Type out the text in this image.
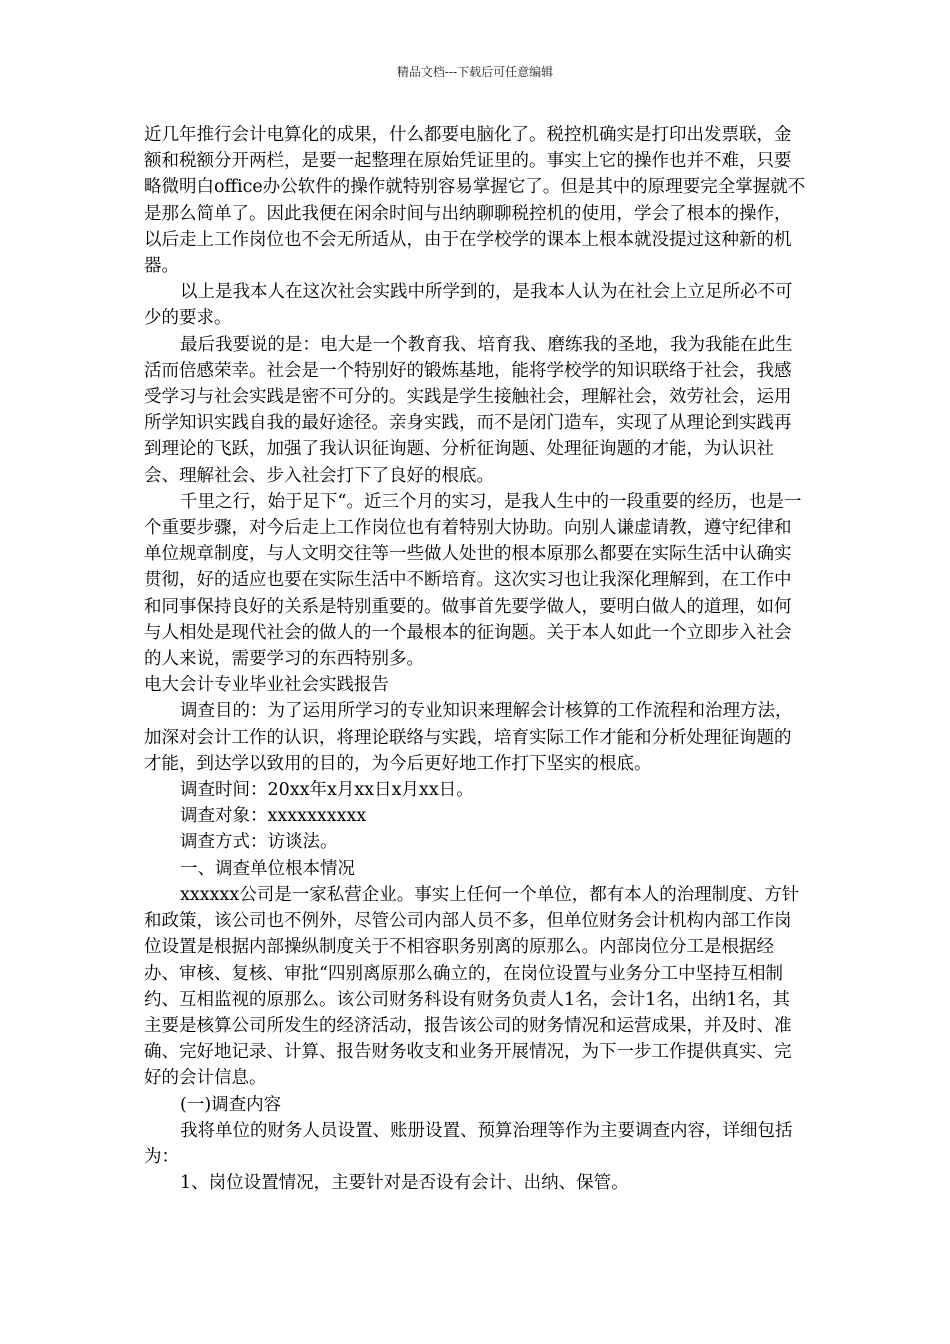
精品文档---下载后可任意编辑

近几年推行会计电算化的成果，什么都要电脑化了。税控机确实是打印出发票联，金额和税额分开两栏，是要一起整理在原始凭证里的。事实上它的操作也并不难，只要略微明白office办公软件的操作就特别容易掌握它了。但是其中的原理要完全掌握就不是那么简单了。因此我便在闲余时间与出纳聊聊税控机的使用，学会了根本的操作，以后走上工作岗位也不会无所适从，由于在学校学的课本上根本就没提过这种新的机器。

以上是我本人在这次社会实践中所学到的，是我本人认为在社会上立足所必不可少的要求。

最后我要说的是：电大是一个教育我、培育我、磨练我的圣地，我为我能在此生活而倍感荣幸。社会是一个特别好的锻炼基地，能将学校学的知识联络于社会，我感受学习与社会实践是密不可分的。实践是学生接触社会，理解社会，效劳社会，运用所学知识实践自我的最好途径。亲身实践，而不是闭门造车，实现了从理论到实践再到理论的飞跃，加强了我认识征询题、分析征询题、处理征询题的才能，为认识社会、理解社会、步入社会打下了良好的根底。

千里之行，始于足下“。近三个月的实习，是我人生中的一段重要的经历，也是一个重要步骤，对今后走上工作岗位也有着特别大协助。向别人谦虚请教，遵守纪律和单位规章制度，与人文明交往等一些做人处世的根本原那么都要在实际生活中认确实贯彻，好的适应也要在实际生活中不断培育。这次实习也让我深化理解到，在工作中和同事保持良好的关系是特别重要的。做事首先要学做人，要明白做人的道理，如何与人相处是现代社会的做人的一个最根本的征询题。关于本人如此一个立即步入社会的人来说，需要学习的东西特别多。

电大会计专业毕业社会实践报告

调查目的：为了运用所学习的专业知识来理解会计核算的工作流程和治理方法，加深对会计工作的认识，将理论联络与实践，培育实际工作才能和分析处理征询题的才能，到达学以致用的目的，为今后更好地工作打下坚实的根底。

调查时间：20xx年x月xx日x月xx日。

调查对象：xxxxxxxxxx

调查方式：访谈法。

一、调查单位根本情况

xxxxxx公司是一家私营企业。事实上任何一个单位，都有本人的治理制度、方针和政策，该公司也不例外，尽管公司内部人员不多，但单位财务会计机构内部工作岗位设置是根据内部操纵制度关于不相容职务别离的原那么。内部岗位分工是根据经办、审核、复核、审批“四别离原那么确立的，在岗位设置与业务分工中坚持互相制约、互相监视的原那么。该公司财务科设有财务负责人1名，会计1名，出纳1名，其主要是核算公司所发生的经济活动，报告该公司的财务情况和运营成果，并及时、准确、完好地记录、计算、报告财务收支和业务开展情况，为下一步工作提供真实、完好的会计信息。

(一)调查内容

我将单位的财务人员设置、账册设置、预算治理等作为主要调查内容，详细包括为：

1、岗位设置情况，主要针对是否设有会计、出纳、保管。
